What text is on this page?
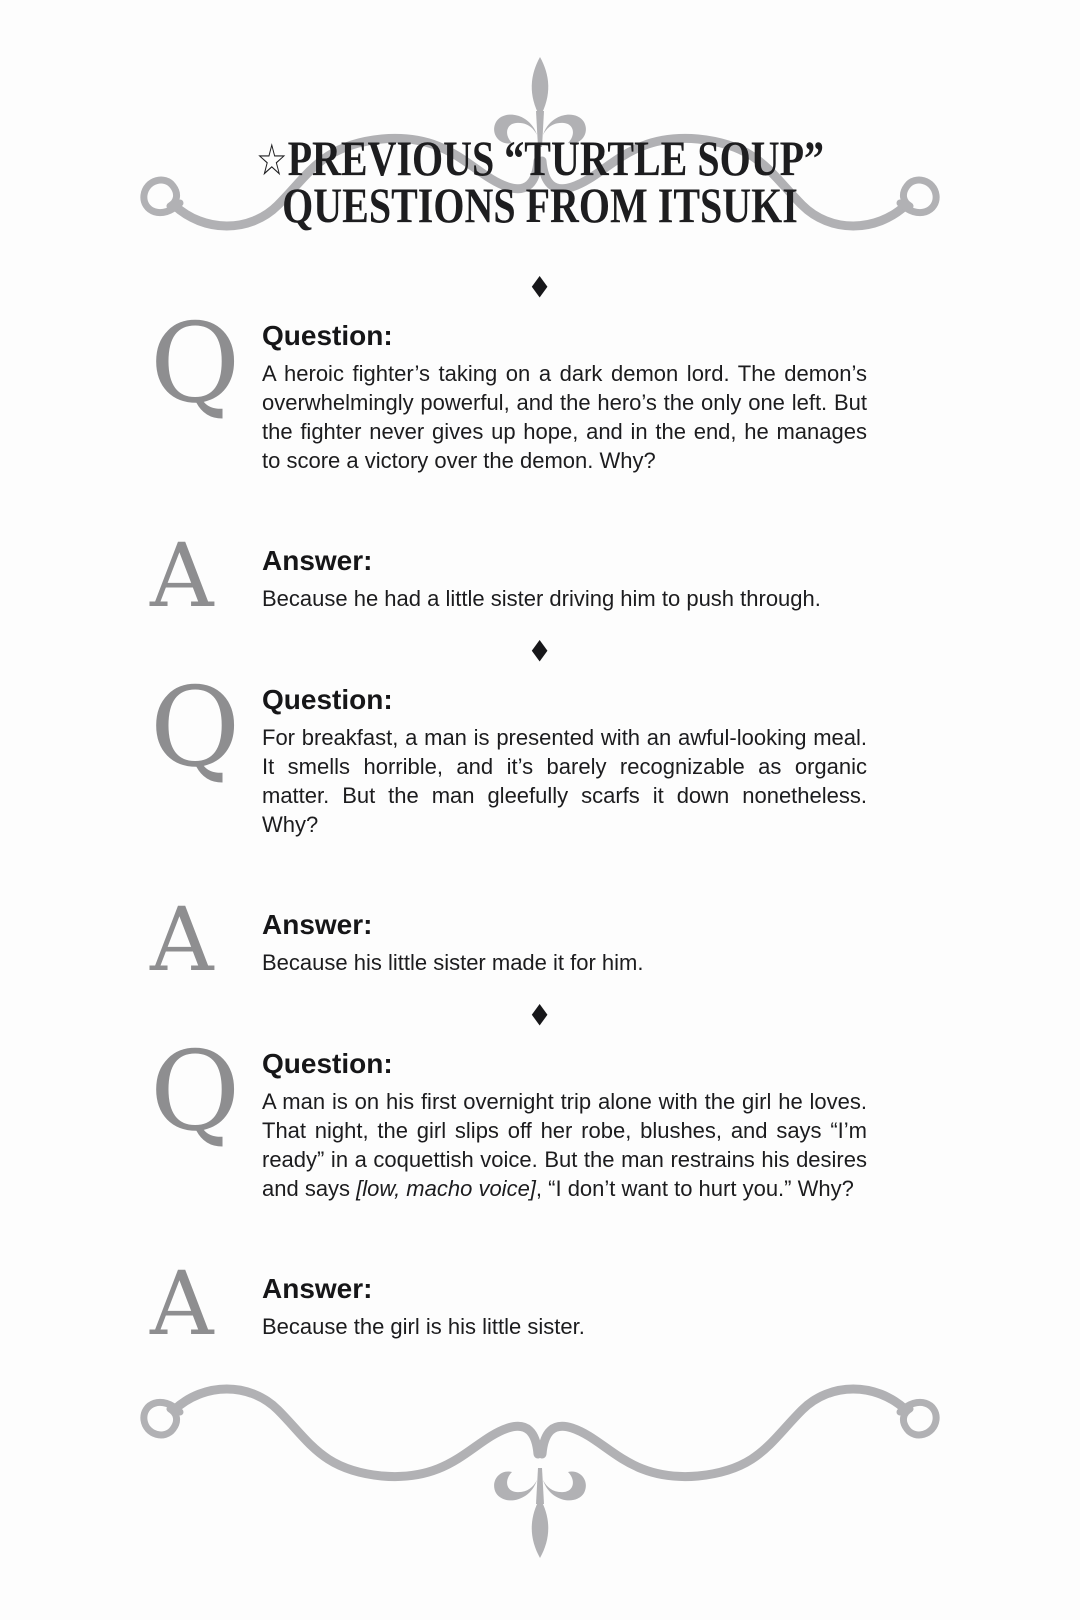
☆PREVIOUS “TURTLE SOUP”
QUESTIONS FROM ITSUKI
◆
Q Question:

A heroic fighter’s taking on a dark demon lord. The demon’s overwhelmingly powerful, and the hero’s the only one left. But the fighter never gives up hope, and in the end, he manages to score a victory over the demon. Why?

A	Answer:

Because he had a little sister driving him to push through.

◆
Q Question:

For breakfast, a man is presented with an awful-looking meal. It smells horrible, and it’s barely recognizable as organic matter. But the man gleefully scarfs it down nonetheless. Why?

A	Answer:

Because his little sister made it for him.

◆
Q Question:

A man is on his first overnight trip alone with the girl he loves. That night, the girl slips off her robe, blushes, and says “I’m ready” in a coquettish voice. But the man restrains his desires and says [low, macho voice], “I don’t want to hurt you.” Why?

A	Answer:

Because the girl is his little sister.
